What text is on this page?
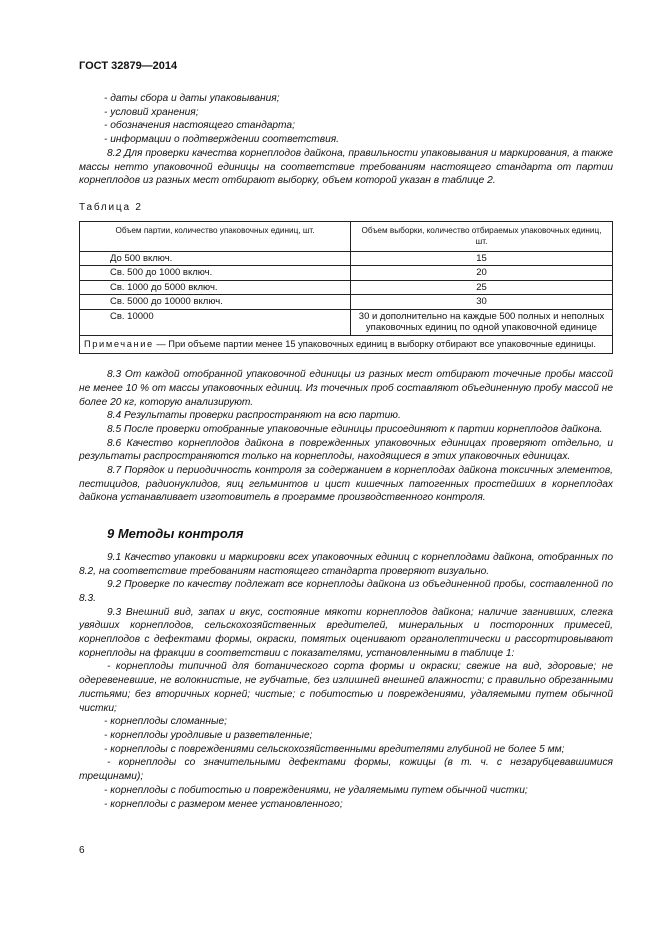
ГОСТ 32879—2014

- даты сбора и даты упаковывания;

- условий хранения;

- обозначения настоящего стандарта;

- информации о подтверждении соответствия.

8.2 Для проверки качества корнеплодов дайкона, правильности упаковывания и маркирования, а также массы нетто упаковочной единицы на соответствие требованиям настоящего стандарта от партии корнеплодов из разных мест отбирают выборку, объем которой указан в таблице 2.

Таблица 2
Объем партии, количество упаковочных единиц, шт.	Объем выборки, количество отбираемых упаковочных единиц, шт.
До 500 включ.	15
Св. 500 до 1000 включ.	20
Св. 1000 до 5000 включ.	25
Св. 5000 до 10000 включ.	30
Св. 10000	30 и дополнительно на каждые 500 полных и неполных упаковочных единиц по одной упаковочной единице
Примечание — При объеме партии менее 15 упаковочных единиц в выборку отбирают все упаковочные единицы.	

8.3 От каждой отобранной упаковочной единицы из разных мест отбирают точечные пробы массой не менее 10 % от массы упаковочных единиц. Из точечных проб составляют объединенную пробу массой не более 20 кг, которую анализируют.

8.4 Результаты проверки распространяют на всю партию.

8.5 После проверки отобранные упаковочные единицы присоединяют к партии корнеплодов дайкона.

8.6 Качество корнеплодов дайкона в поврежденных упаковочных единицах проверяют отдельно, и результаты распространяются только на корнеплоды, находящиеся в этих упаковочных единицах.

8.7 Порядок и периодичность контроля за содержанием в корнеплодах дайкона токсичных элементов, пестицидов, радионуклидов, яиц гельминтов и цист кишечных патогенных простейших в корнеплодах дайкона устанавливает изготовитель в программе производственного контроля.

9 Методы контроля

9.1 Качество упаковки и маркировки всех упаковочных единиц с корнеплодами дайкона, отобранных по 8.2, на соответствие требованиям настоящего стандарта проверяют визуально.

9.2 Проверке по качеству подлежат все корнеплоды дайкона из объединенной пробы, составленной по 8.3.

9.3 Внешний вид, запах и вкус, состояние мякоти корнеплодов дайкона; наличие загнивших, слегка увядших корнеплодов, сельскохозяйственных вредителей, минеральных и посторонних примесей, корнеплодов с дефектами формы, окраски, помятых оценивают органолептически и рассортировывают корнеплоды на фракции в соответствии с показателями, установленными в таблице 1:

- корнеплоды типичной для ботанического сорта формы и окраски; свежие на вид, здоровые; не одеревеневшие, не волокнистые, не губчатые, без излишней внешней влажности; с правильно обрезанными листьями; без вторичных корней; чистые; с побитостью и повреждениями, удаляемыми путем обычной чистки;

- корнеплоды сломанные;

- корнеплоды уродливые и разветвленные;

- корнеплоды с повреждениями сельскохозяйственными вредителями глубиной не более 5 мм;

- корнеплоды со значительными дефектами формы, кожицы (в т. ч. с незарубцевавшимися трещинами);

- корнеплоды с побитостью и повреждениями, не удаляемыми путем обычной чистки;

- корнеплоды с размером менее установленного;

6
